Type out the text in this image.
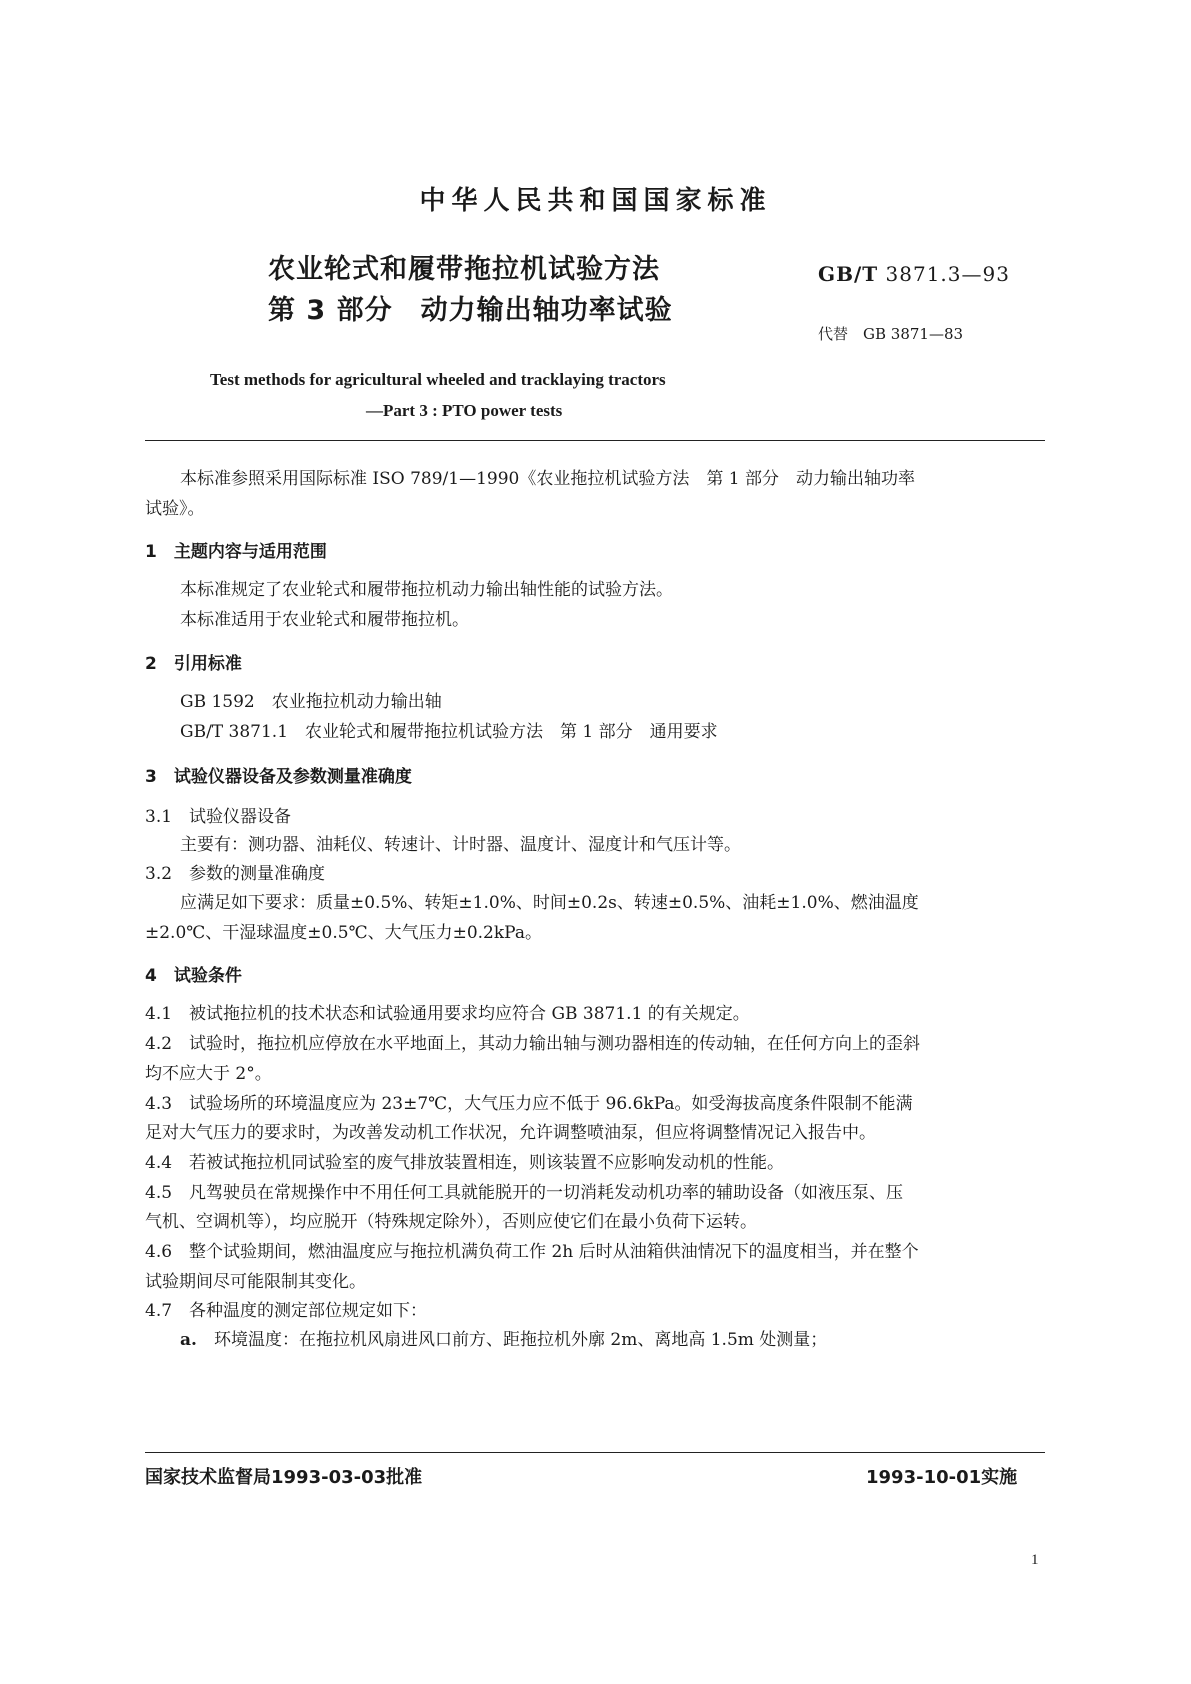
中华人民共和国国家标准
农业轮式和履带拖拉机试验方法
第 3 部分　动力输出轴功率试验
GB/T 3871.3—93
代替　GB 3871—83
Test methods for agricultural wheeled and tracklaying tractors
—Part 3 : PTO power tests
本标准参照采用国际标准 ISO 789/1—1990《农业拖拉机试验方法　第 1 部分　动力输出轴功率
试验》。
1　主题内容与适用范围
本标准规定了农业轮式和履带拖拉机动力输出轴性能的试验方法。
本标准适用于农业轮式和履带拖拉机。
2　引用标准
GB 1592　农业拖拉机动力输出轴
GB/T 3871.1　农业轮式和履带拖拉机试验方法　第 1 部分　通用要求
3　试验仪器设备及参数测量准确度
3.1　试验仪器设备
主要有：测功器、油耗仪、转速计、计时器、温度计、湿度计和气压计等。
3.2　参数的测量准确度
应满足如下要求：质量±0.5%、转矩±1.0%、时间±0.2s、转速±0.5%、油耗±1.0%、燃油温度
±2.0℃、干湿球温度±0.5℃、大气压力±0.2kPa。
4　试验条件
4.1　被试拖拉机的技术状态和试验通用要求均应符合 GB 3871.1 的有关规定。
4.2　试验时，拖拉机应停放在水平地面上，其动力输出轴与测功器相连的传动轴，在任何方向上的歪斜
均不应大于 2°。
4.3　试验场所的环境温度应为 23±7℃，大气压力应不低于 96.6kPa。如受海拔高度条件限制不能满
足对大气压力的要求时，为改善发动机工作状况，允许调整喷油泵，但应将调整情况记入报告中。
4.4　若被试拖拉机同试验室的废气排放装置相连，则该装置不应影响发动机的性能。
4.5　凡驾驶员在常规操作中不用任何工具就能脱开的一切消耗发动机功率的辅助设备（如液压泵、压
气机、空调机等），均应脱开（特殊规定除外），否则应使它们在最小负荷下运转。
4.6　整个试验期间，燃油温度应与拖拉机满负荷工作 2h 后时从油箱供油情况下的温度相当，并在整个
试验期间尽可能限制其变化。
4.7　各种温度的测定部位规定如下：
a. 环境温度：在拖拉机风扇进风口前方、距拖拉机外廓 2m、离地高 1.5m 处测量；
国家技术监督局1993-03-03批准	1993-10-01实施
1
